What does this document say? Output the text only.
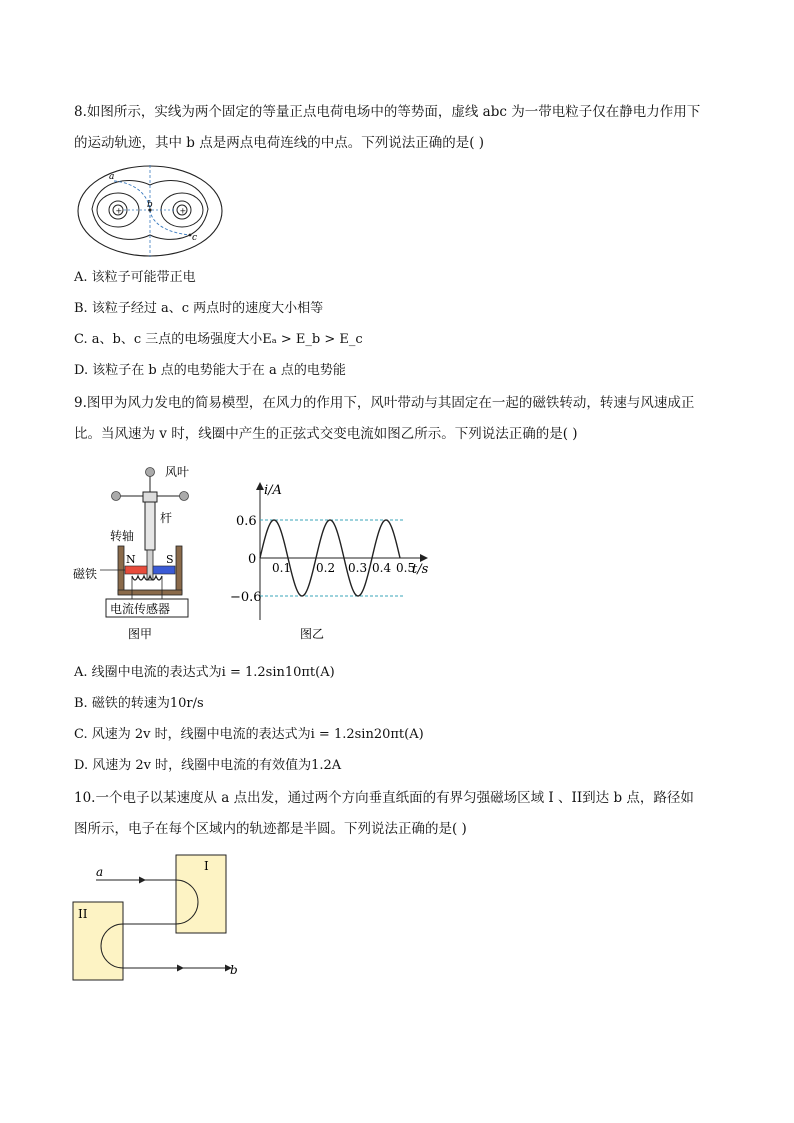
8.如图所示，实线为两个固定的等量正点电荷电场中的等势面，虚线 abc 为一带电粒子仅在静电力作用下
的运动轨迹，其中 b 点是两点电荷连线的中点。下列说法正确的是( )
+	+
a
b
c
A. 该粒子可能带正电
B. 该粒子经过 a、c 两点时的速度大小相等
C. a、b、c 三点的电场强度大小Eₐ > E_b > E_c
D. 该粒子在 b 点的电势能大于在 a 点的电势能
9.图甲为风力发电的简易模型，在风力的作用下，风叶带动与其固定在一起的磁铁转动，转速与风速成正
比。当风速为 v 时，线圈中产生的正弦式交变电流如图乙所示。下列说法正确的是( )
风叶
杆
转轴
磁铁
N	S
电流传感器
图甲
i/A
t/s
0
0.6
−0.6
0.1 0.2 0.3 0.4 0.5
图乙
A. 线圈中电流的表达式为i = 1.2sin10πt(A)
B. 磁铁的转速为10r/s
C. 风速为 2v 时，线圈中电流的表达式为i = 1.2sin20πt(A)
D. 风速为 2v 时，线圈中电流的有效值为1.2A
10.一个电子以某速度从 a 点出发，通过两个方向垂直纸面的有界匀强磁场区域 I 、II到达 b 点，路径如
图所示，电子在每个区域内的轨迹都是半圆。下列说法正确的是( )
a
b
I
II
